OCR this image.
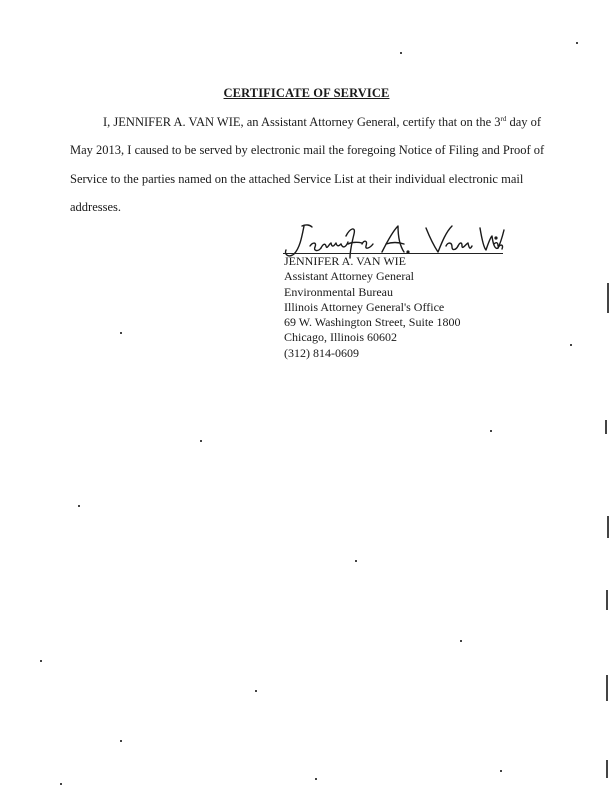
CERTIFICATE OF SERVICE
I, JENNIFER A. VAN WIE, an Assistant Attorney General, certify that on the 3rd day of
May 2013, I caused to be served by electronic mail the foregoing Notice of Filing and Proof of
Service to the parties named on the attached Service List at their individual electronic mail
addresses.
JENNIFER A. VAN WIE
Assistant Attorney General
Environmental Bureau
Illinois Attorney General's Office
69 W. Washington Street, Suite 1800
Chicago, Illinois 60602
(312) 814-0609
